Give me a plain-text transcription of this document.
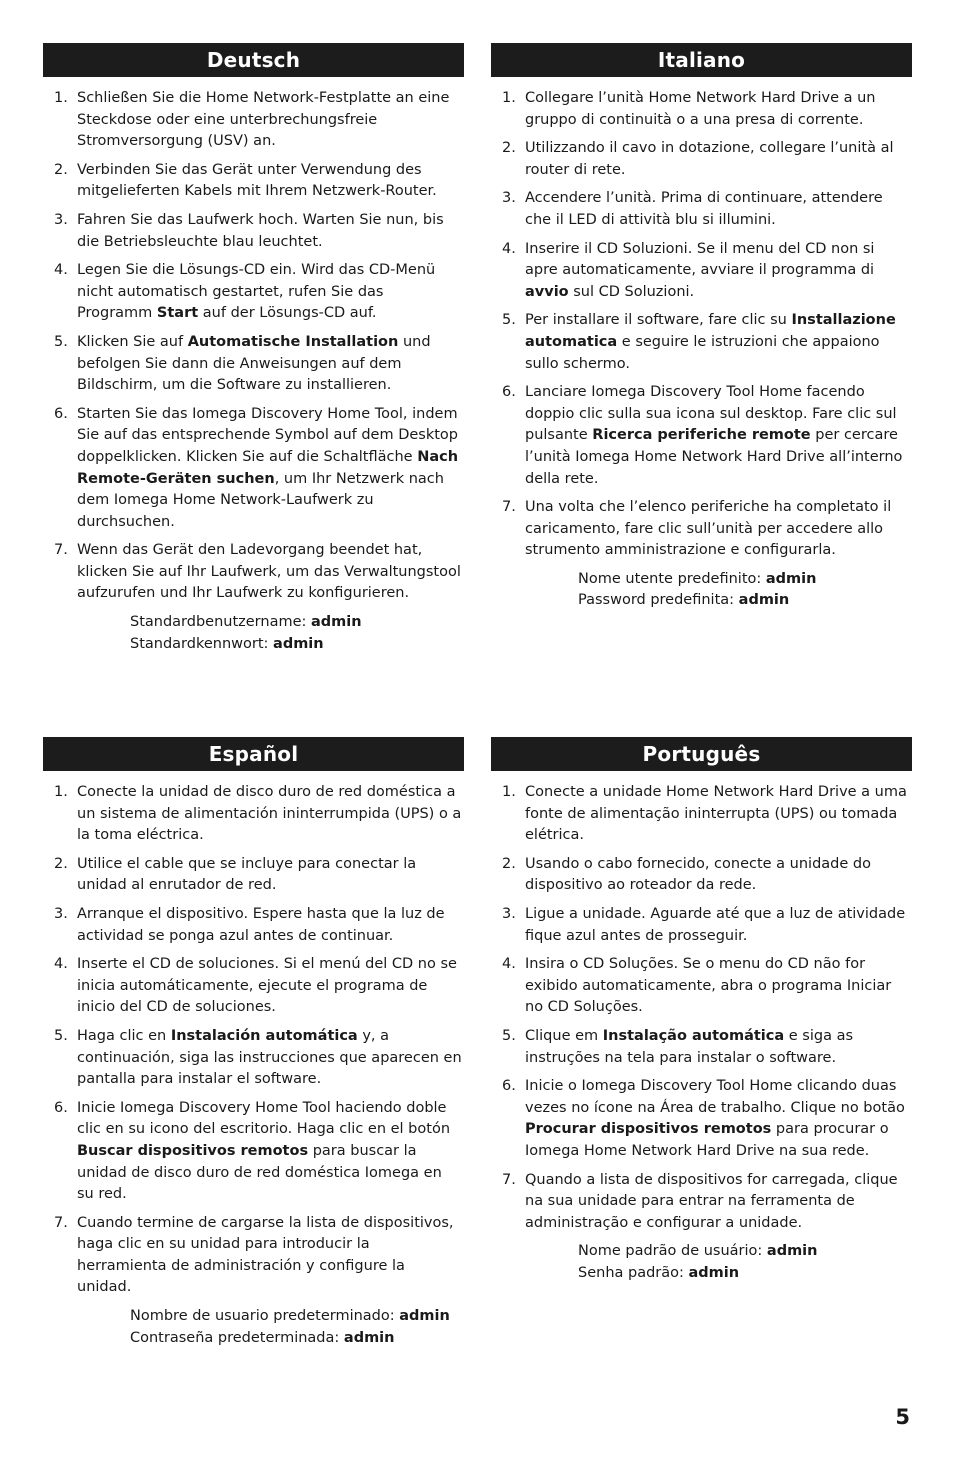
Deutsch
1. Schließen Sie die Home Network-Festplatte an eine Steckdose oder eine unterbrechungsfreie Stromversorgung (USV) an.
2. Verbinden Sie das Gerät unter Verwendung des mitgelieferten Kabels mit Ihrem Netzwerk-Router.
3. Fahren Sie das Laufwerk hoch. Warten Sie nun, bis die Betriebsleuchte blau leuchtet.
4. Legen Sie die Lösungs-CD ein. Wird das CD-Menü nicht automatisch gestartet, rufen Sie das Programm Start auf der Lösungs-CD auf.
5. Klicken Sie auf Automatische Installation und befolgen Sie dann die Anweisungen auf dem Bildschirm, um die Software zu installieren.
6. Starten Sie das Iomega Discovery Home Tool, indem Sie auf das entsprechende Symbol auf dem Desktop doppelklicken. Klicken Sie auf die Schaltfläche Nach Remote-Geräten suchen, um Ihr Netzwerk nach dem Iomega Home Network-Laufwerk zu durchsuchen.
7. Wenn das Gerät den Ladevorgang beendet hat, klicken Sie auf Ihr Laufwerk, um das Verwaltungstool aufzurufen und Ihr Laufwerk zu konfigurieren.
Standardbenutzername: admin
Standardkennwort: admin
Italiano
1. Collegare l’unità Home Network Hard Drive a un gruppo di continuità o a una presa di corrente.
2. Utilizzando il cavo in dotazione, collegare l’unità al router di rete.
3. Accendere l’unità. Prima di continuare, attendere che il LED di attività blu si illumini.
4. Inserire il CD Soluzioni. Se il menu del CD non si apre automaticamente, avviare il programma di avvio sul CD Soluzioni.
5. Per installare il software, fare clic su Installazione automatica e seguire le istruzioni che appaiono sullo schermo.
6. Lanciare Iomega Discovery Tool Home facendo doppio clic sulla sua icona sul desktop. Fare clic sul pulsante Ricerca periferiche remote per cercare l’unità Iomega Home Network Hard Drive all’interno della rete.
7. Una volta che l’elenco periferiche ha completato il caricamento, fare clic sull’unità per accedere allo strumento amministrazione e configurarla.
Nome utente predefinito: admin
Password predefinita: admin
Español
1. Conecte la unidad de disco duro de red doméstica a un sistema de alimentación ininterrumpida (UPS) o a la toma eléctrica.
2. Utilice el cable que se incluye para conectar la unidad al enrutador de red.
3. Arranque el dispositivo. Espere hasta que la luz de actividad se ponga azul antes de continuar.
4. Inserte el CD de soluciones. Si el menú del CD no se inicia automáticamente, ejecute el programa de inicio del CD de soluciones.
5. Haga clic en Instalación automática y, a continuación, siga las instrucciones que aparecen en pantalla para instalar el software.
6. Inicie Iomega Discovery Home Tool haciendo doble clic en su icono del escritorio. Haga clic en el botón Buscar dispositivos remotos para buscar la unidad de disco duro de red doméstica Iomega en su red.
7. Cuando termine de cargarse la lista de dispositivos, haga clic en su unidad para introducir la herramienta de administración y configure la unidad.
Nombre de usuario predeterminado: admin
Contraseña predeterminada: admin
Português
1. Conecte a unidade Home Network Hard Drive a uma fonte de alimentação ininterrupta (UPS) ou tomada elétrica.
2. Usando o cabo fornecido, conecte a unidade do dispositivo ao roteador da rede.
3. Ligue a unidade. Aguarde até que a luz de atividade fique azul antes de prosseguir.
4. Insira o CD Soluções. Se o menu do CD não for exibido automaticamente, abra o programa Iniciar no CD Soluções.
5. Clique em Instalação automática e siga as instruções na tela para instalar o software.
6. Inicie o Iomega Discovery Tool Home clicando duas vezes no ícone na Área de trabalho. Clique no botão Procurar dispositivos remotos para procurar o Iomega Home Network Hard Drive na sua rede.
7. Quando a lista de dispositivos for carregada, clique na sua unidade para entrar na ferramenta de administração e configurar a unidade.
Nome padrão de usuário: admin
Senha padrão: admin
5
